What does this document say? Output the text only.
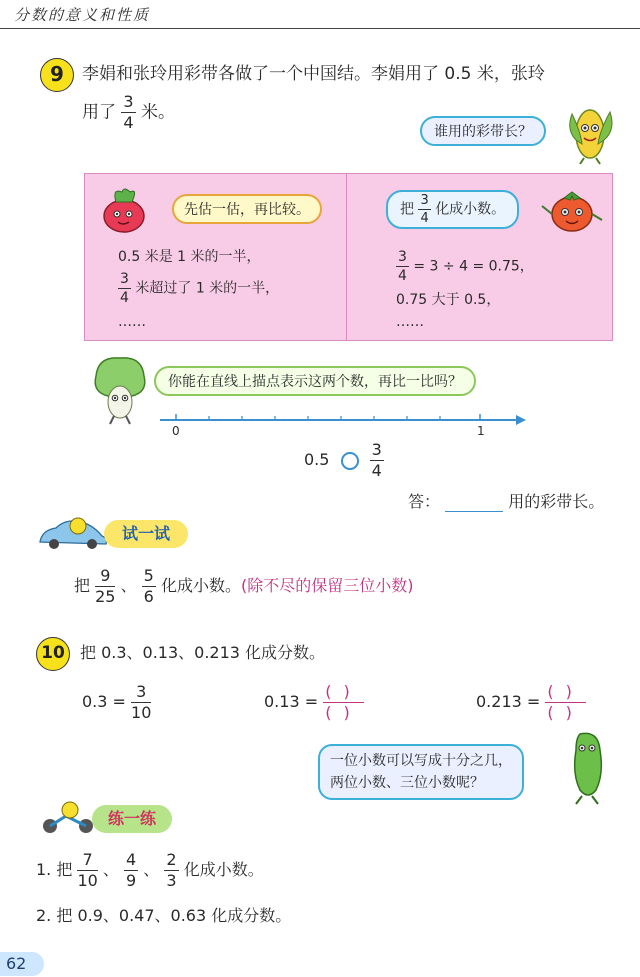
分数的意义和性质
9	李娟和张玲用彩带各做了一个中国结。李娟用了 0.5 米，张玲
用了 $\frac{3}{4}$ 米。
谁用的彩带长？
先估一估，再比较。
0.5 米是 1 米的一半，
$\frac{3}{4}$ 米超过了 1 米的一半，
……
把 $\frac{3}{4}$ 化成小数。
$\frac{3}{4} = 3 \div 4 = 0.75$，
0.75 大于 0.5，
……
你能在直线上描点表示这两个数，再比一比吗？
0	1
0.5	$\frac{3}{4}$
答：	用的彩带长。
试一试
把 $\frac{9}{25}$ 、 $\frac{5}{6}$ 化成小数。(除不尽的保留三位小数)
10 把 0.3、0.13、0.213 化成分数。
$0.3 = \frac{3}{10}$	$0.13 = \frac{()}{()}$	$0.213 = \frac{()}{()}$
一位小数可以写成十分之几，
两位小数、三位小数呢？
练一练
1. 把 $\frac{7}{10}$ 、 $\frac{4}{9}$ 、 $\frac{2}{3}$ 化成小数。
2. 把 0.9、0.47、0.63 化成分数。
62
